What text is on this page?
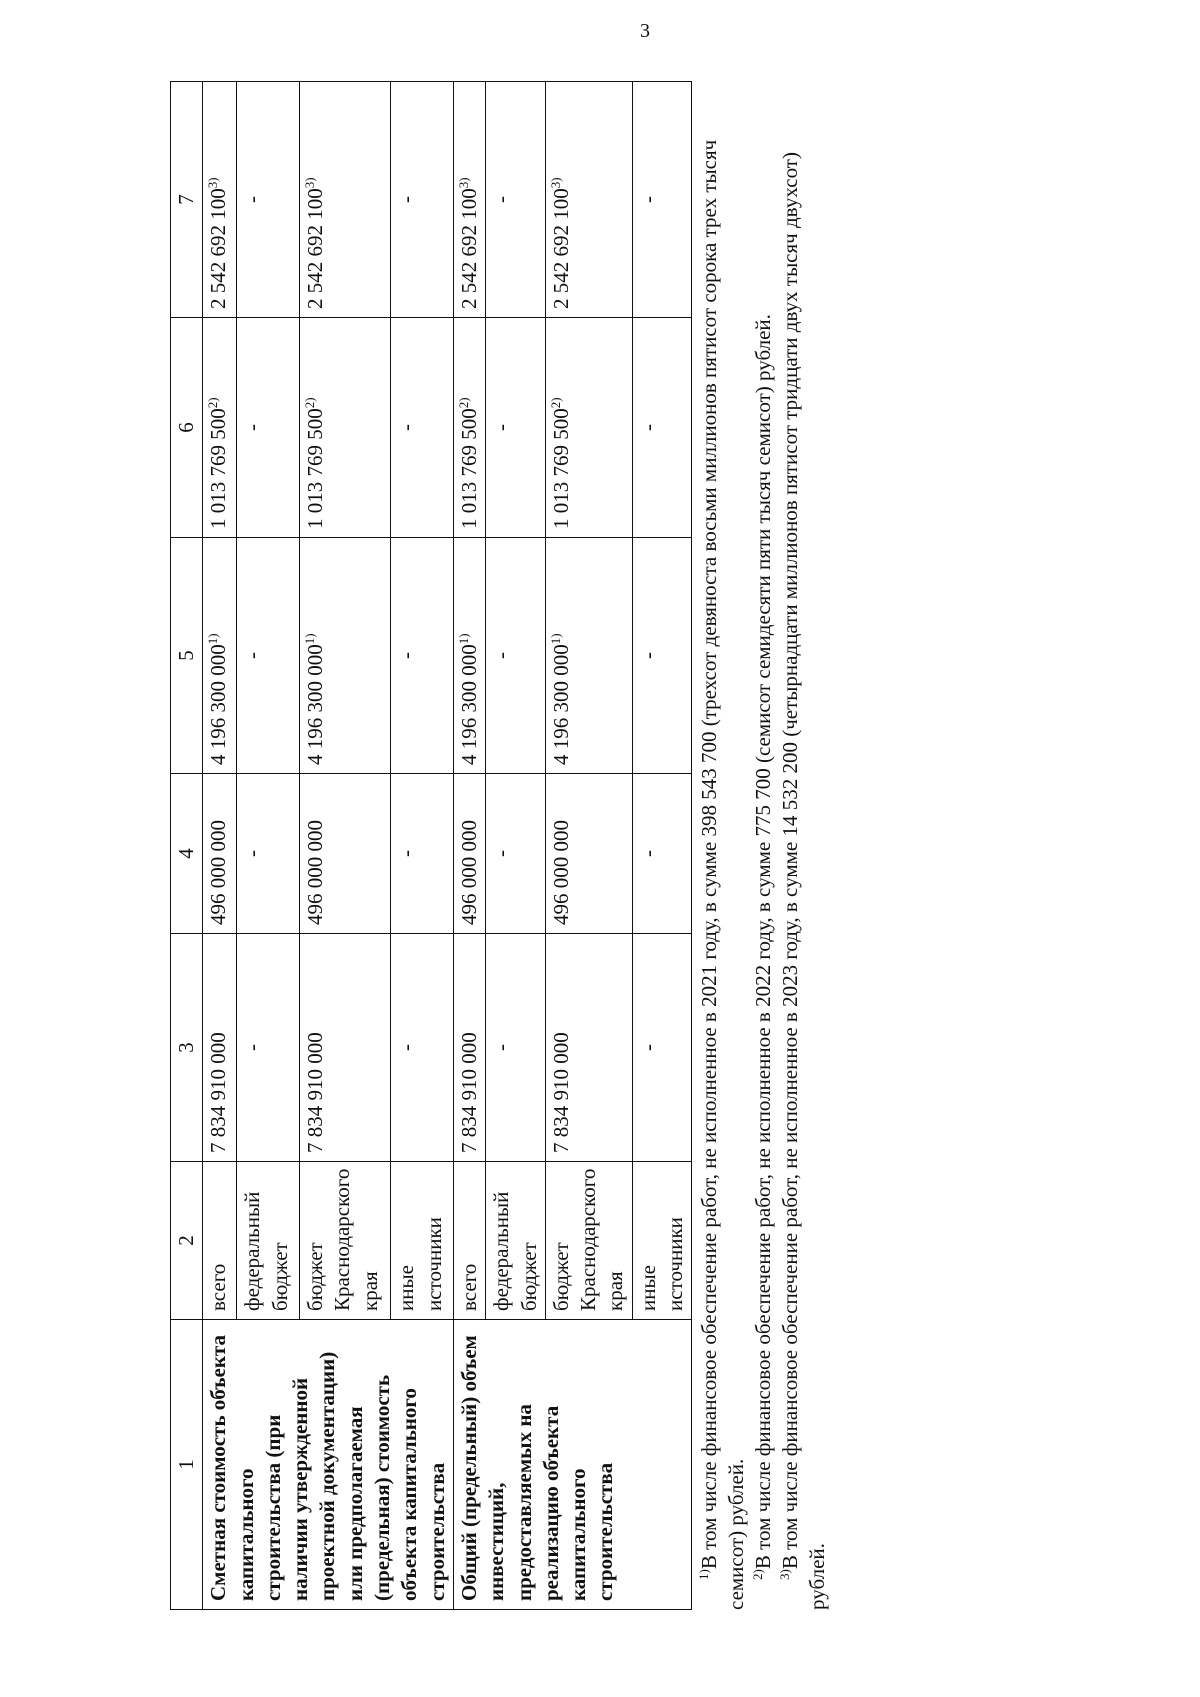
3
1	2	3	4	5	6	7
Сметная стоимость объекта капитального строительства (при наличии утвержденной проектной документации) или предполагаемая (предельная) стоимость объекта капитального строительства	всего	7 834 910 000	496 000 000	4 196 300 000$^{1)}$	1 013 769 500$^{2)}$	2 542 692 100$^{3)}$
	федеральный бюджет	-	-	-	-	-
	бюджет Краснодарского края	7 834 910 000	496 000 000	4 196 300 000$^{1)}$	1 013 769 500$^{2)}$	2 542 692 100$^{3)}$
	иные источники	-	-	-	-	-
Общий (предельный) объем инвестиций, предоставляемых на реализацию объекта капитального строительства	всего	7 834 910 000	496 000 000	4 196 300 000$^{1)}$	1 013 769 500$^{2)}$	2 542 692 100$^{3)}$
	федеральный бюджет	-	-	-	-	-
	бюджет Краснодарского края	7 834 910 000	496 000 000	4 196 300 000$^{1)}$	1 013 769 500$^{2)}$	2 542 692 100$^{3)}$
	иные источники	-	-	-	-	-

$^{1)}$В том числе финансовое обеспечение работ, не исполненное в 2021 году, в сумме 398 543 700 (трехсот девяноста восьми миллионов пятисот сорока трех тысяч семисот) рублей. $^{2)}$В том числе финансовое обеспечение работ, не исполненное в 2022 году, в сумме 775 700 (семисот семидесяти пяти тысяч семисот) рублей.

$^{3)}$В том числе финансовое обеспечение работ, не исполненное в 2023 году, в сумме 14 532 200 (четырнадцати миллионов пятисот тридцати двух тысяч двухсот) рублей.
